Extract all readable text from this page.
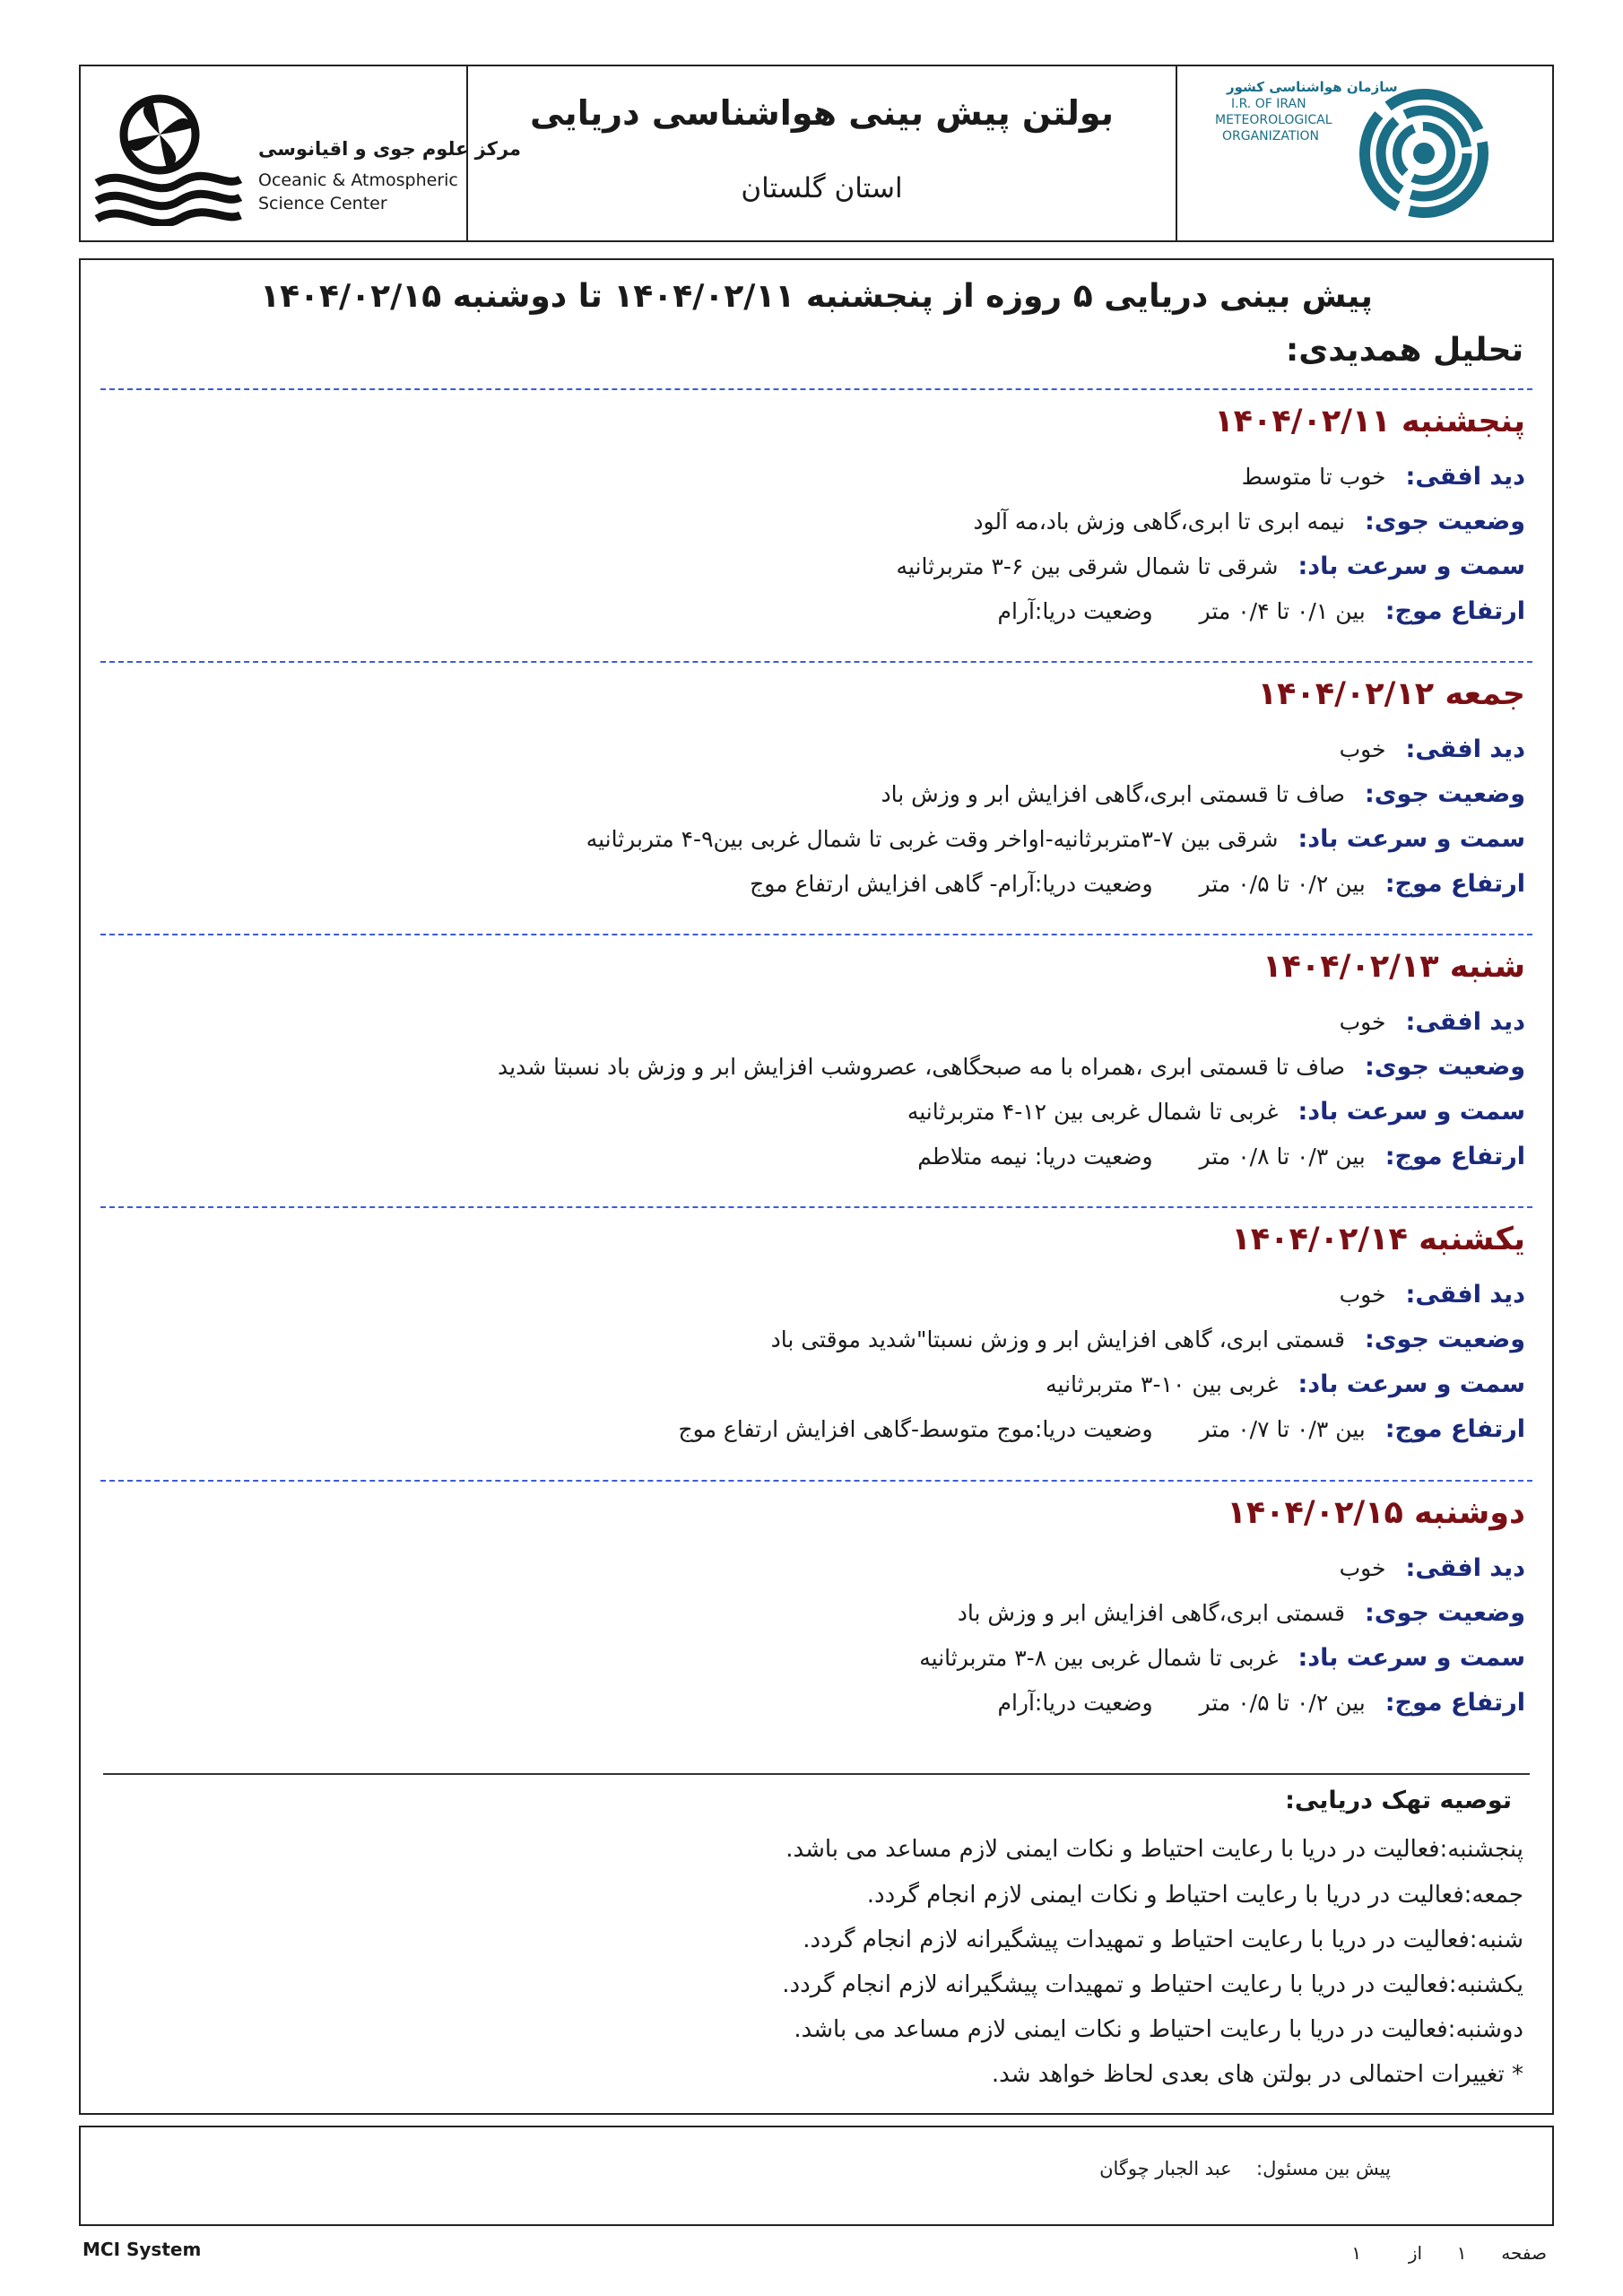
مرکز علوم جوی و اقیانوسی
Oceanic & Atmospheric
Science Center
بولتن پیش بینی هواشناسی دریایی
استان گلستان
سازمان هواشناسی کشور
I.R. OF IRAN
METEOROLOGICAL
ORGANIZATION
پیش بینی دریایی ۵ روزه از پنجشنبه ۱۴۰۴/۰۲/۱۱ تا دوشنبه ۱۴۰۴/۰۲/۱۵
تحلیل همدیدی:
پنجشنبه ۱۴۰۴/۰۲/۱۱
دید افقی:خوب تا متوسط
وضعیت جوی:نیمه ابری تا ابری،گاهی وزش باد،مه آلود
سمت و سرعت باد:شرقی تا شمال شرقی بین ۶-۳ متربرثانیه
ارتفاع موج:بین ۰/۱ تا ۰/۴ متروضعیت دریا:آرام
جمعه ۱۴۰۴/۰۲/۱۲
دید افقی:خوب
وضعیت جوی:صاف تا قسمتی ابری،گاهی افزایش ابر و وزش باد
سمت و سرعت باد:شرقی بین ۷-۳متربرثانیه-اواخر وقت غربی تا شمال غربی بین۹-۴ متربرثانیه
ارتفاع موج:بین ۰/۲ تا ۰/۵ متروضعیت دریا:آرام- گاهی افزایش ارتفاع موج
شنبه ۱۴۰۴/۰۲/۱۳
دید افقی:خوب
وضعیت جوی:صاف تا قسمتی ابری ،همراه با مه صبحگاهی، عصروشب افزایش ابر و وزش باد نسبتا شدید
سمت و سرعت باد:غربی تا شمال غربی بین ۱۲-۴ متربرثانیه
ارتفاع موج:بین ۰/۳ تا ۰/۸ متروضعیت دریا: نیمه متلاطم
یکشنبه ۱۴۰۴/۰۲/۱۴
دید افقی:خوب
وضعیت جوی:قسمتی ابری، گاهی افزایش ابر و وزش نسبتا"شدید موقتی باد
سمت و سرعت باد:غربی بین ۱۰-۳ متربرثانیه
ارتفاع موج:بین ۰/۳ تا ۰/۷ متروضعیت دریا:موج متوسط-گاهی افزایش ارتفاع موج
دوشنبه ۱۴۰۴/۰۲/۱۵
دید افقی:خوب
وضعیت جوی:قسمتی ابری،گاهی افزایش ابر و وزش باد
سمت و سرعت باد:غربی تا شمال غربی بین ۸-۳ متربرثانیه
ارتفاع موج:بین ۰/۲ تا ۰/۵ متروضعیت دریا:آرام
توصیه تهک دریایی:
پنجشنبه:فعالیت در دریا با رعایت احتیاط و نکات ایمنی لازم مساعد می باشد.
جمعه:فعالیت در دریا با رعایت احتیاط و نکات ایمنی لازم انجام گردد.
شنبه:فعالیت در دریا با رعایت احتیاط و تمهیدات پیشگیرانه لازم انجام گردد.
یکشنبه:فعالیت در دریا با رعایت احتیاط و تمهیدات پیشگیرانه لازم انجام گردد.
دوشنبه:فعالیت در دریا با رعایت احتیاط و نکات ایمنی لازم مساعد می باشد.
* تغییرات احتمالی در بولتن های بعدی لحاظ خواهد شد.
پیش بین مسئول:  عبد الجبار چوگان
MCI System	صفحه  ۱  از  ۱
